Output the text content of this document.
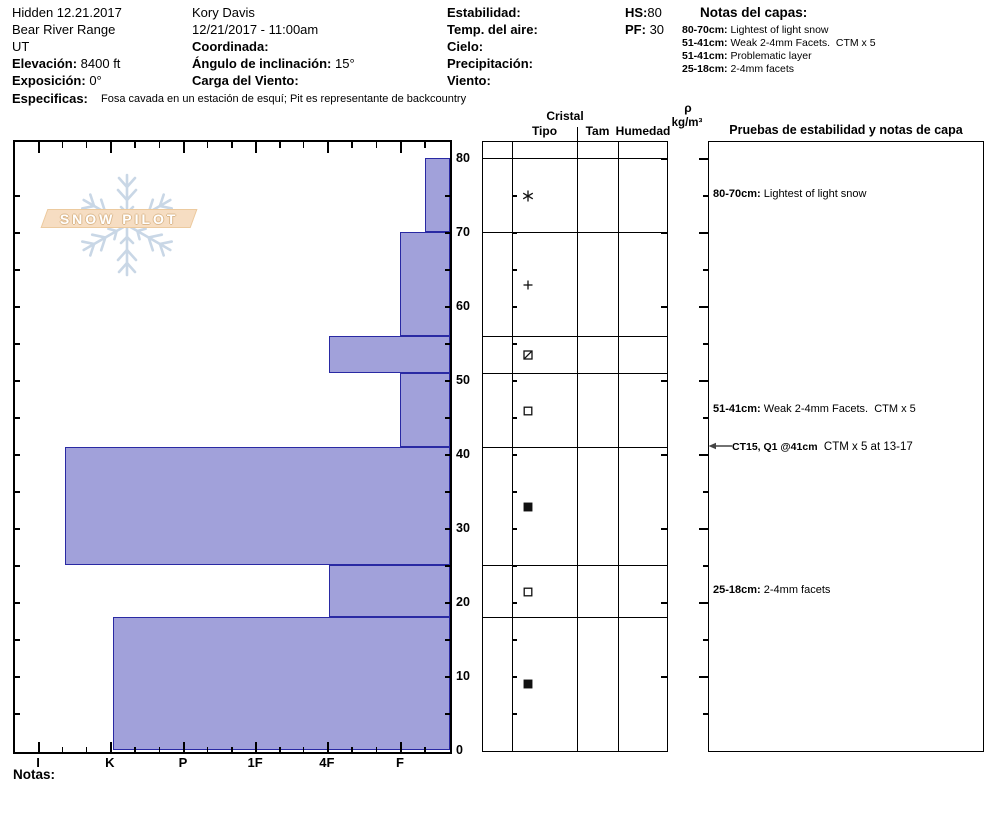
Hidden 12.21.2017
Bear River Range
UT
Elevación: 8400 ft
Exposición: 0°
Kory Davis
12/21/2017 - 11:00am
Coordinada:
Ángulo de inclinación: 15°
Carga del Viento:
Estabilidad:
Temp. del aire:
Cielo:
Precipitación:
Viento:
HS:80
PF: 30
Notas del capas:
80-70cm: Lightest of light snow
51-41cm: Weak 2-4mm Facets.  CTM x 5
51-41cm: Problematic layer
25-18cm: 2-4mm facets
Especificas: Fosa cavada en un estación de esquí; Pit es representante de backcountry
SNOW PILOT
80
70
60
50
40
30
20
10
0
I	K	P	1F	4F	F
Cristal
Tipo	Tam Humedad
ρ
kg/m³	Pruebas de estabilidad y notas de capa
80-70cm: Lightest of light snow
51-41cm: Weak 2-4mm Facets.  CTM x 5
25-18cm: 2-4mm facets
CT15, Q1 @41cm  CTM x 5 at 13-17
Notas:
